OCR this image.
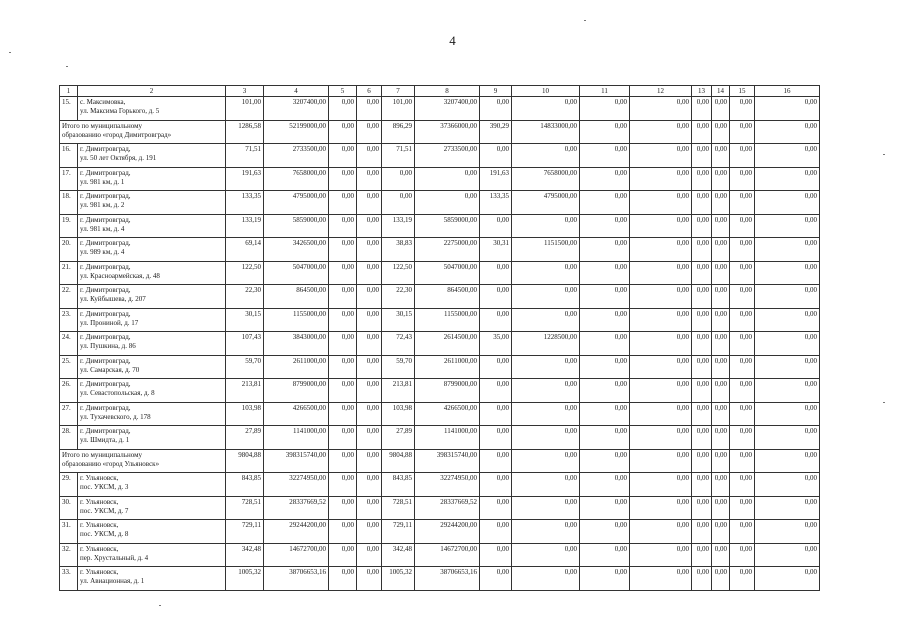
4
1	2	3	4	5	6	7	8	9	10	11	12	13	14	15	16
15.	с. Максимовка,
ул. Максима Горького, д. 5	101,00	3207400,00	0,00	0,00	101,00	3207400,00	0,00	0,00	0,00	0,00	0,00	0,00	0,00	0,00

Итого по муниципальному
образованию «город Димитровград»		1286,58	52199000,00	0,00	0,00	896,29	37366000,00	390,29	14833000,00	0,00	0,00	0,00	0,00	0,00	0,00
16.	г. Димитровград,
ул. 50 лет Октября, д. 191	71,51	2733500,00	0,00	0,00	71,51	2733500,00	0,00	0,00	0,00	0,00	0,00	0,00	0,00	0,00
17.	г. Димитровград,
ул. 981 км, д. 1	191,63	7658000,00	0,00	0,00	0,00	0,00	191,63	7658000,00	0,00	0,00	0,00	0,00	0,00	0,00
18.	г. Димитровград,
ул. 981 км, д. 2	133,35	4795000,00	0,00	0,00	0,00	0,00	133,35	4795000,00	0,00	0,00	0,00	0,00	0,00	0,00
19.	г. Димитровград,
ул. 981 км, д. 4	133,19	5859000,00	0,00	0,00	133,19	5859000,00	0,00	0,00	0,00	0,00	0,00	0,00	0,00	0,00
20.	г. Димитровград,
ул. 989 км, д. 4	69,14	3426500,00	0,00	0,00	38,83	2275000,00	30,31	1151500,00	0,00	0,00	0,00	0,00	0,00	0,00
21.	г. Димитровград,
ул. Красноармейская, д. 48	122,50	5047000,00	0,00	0,00	122,50	5047000,00	0,00	0,00	0,00	0,00	0,00	0,00	0,00	0,00
22.	г. Димитровград,
ул. Куйбышева, д. 207	22,30	864500,00	0,00	0,00	22,30	864500,00	0,00	0,00	0,00	0,00	0,00	0,00	0,00	0,00
23.	г. Димитровград,
ул. Прониной, д. 17	30,15	1155000,00	0,00	0,00	30,15	1155000,00	0,00	0,00	0,00	0,00	0,00	0,00	0,00	0,00
24.	г. Димитровград,
ул. Пушкина, д. 86	107,43	3843000,00	0,00	0,00	72,43	2614500,00	35,00	1228500,00	0,00	0,00	0,00	0,00	0,00	0,00
25.	г. Димитровград,
ул. Самарская, д. 70	59,70	2611000,00	0,00	0,00	59,70	2611000,00	0,00	0,00	0,00	0,00	0,00	0,00	0,00	0,00
26.	г. Димитровград,
ул. Севастопольская, д. 8	213,81	8799000,00	0,00	0,00	213,81	8799000,00	0,00	0,00	0,00	0,00	0,00	0,00	0,00	0,00
27.	г. Димитровград,
ул. Тухачевского, д. 178	103,98	4266500,00	0,00	0,00	103,98	4266500,00	0,00	0,00	0,00	0,00	0,00	0,00	0,00	0,00
28.	г. Димитровград,
ул. Шмидта, д. 1	27,89	1141000,00	0,00	0,00	27,89	1141000,00	0,00	0,00	0,00	0,00	0,00	0,00	0,00	0,00

Итого по муниципальному
образованию «город Ульяновск»		9804,88	398315740,00	0,00	0,00	9804,88	398315740,00	0,00	0,00	0,00	0,00	0,00	0,00	0,00	0,00
29.	г. Ульяновск,
пос. УКСМ, д. 3	843,85	32274950,00	0,00	0,00	843,85	32274950,00	0,00	0,00	0,00	0,00	0,00	0,00	0,00	0,00
30.	г. Ульяновск,
пос. УКСМ, д. 7	728,51	28337669,52	0,00	0,00	728,51	28337669,52	0,00	0,00	0,00	0,00	0,00	0,00	0,00	0,00
31.	г. Ульяновск,
пос. УКСМ, д. 8	729,11	29244200,00	0,00	0,00	729,11	29244200,00	0,00	0,00	0,00	0,00	0,00	0,00	0,00	0,00
32.	г. Ульяновск,
пер. Хрустальный, д. 4	342,48	14672700,00	0,00	0,00	342,48	14672700,00	0,00	0,00	0,00	0,00	0,00	0,00	0,00	0,00
33.	г. Ульяновск,
ул. Авиационная, д. 1	1005,32	38706653,16	0,00	0,00	1005,32	38706653,16	0,00	0,00	0,00	0,00	0,00	0,00	0,00	0,00
